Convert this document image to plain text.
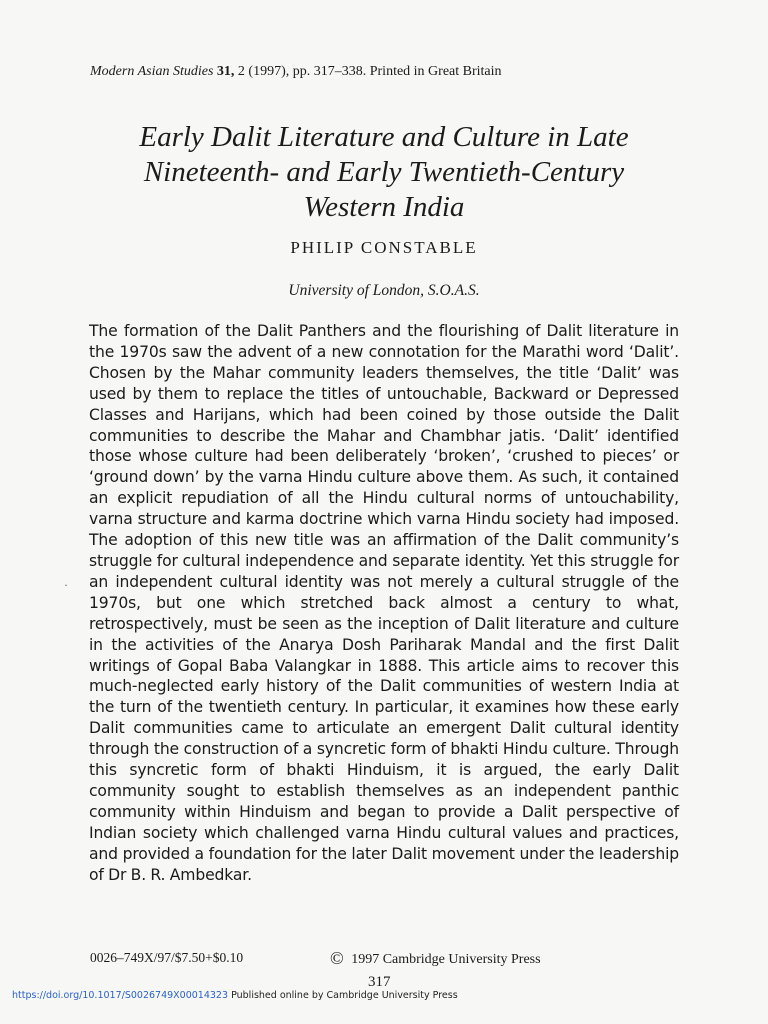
Modern Asian Studies 31, 2 (1997), pp. 317–338. Printed in Great Britain
Early Dalit Literature and Culture in Late
Nineteenth- and Early Twentieth-Century
Western India
PHILIP CONSTABLE
University of London, S.O.A.S.
·

The formation of the Dalit Panthers and the flourishing of Dalit literature in the 1970s saw the advent of a new connotation for the Marathi word ‘Dalit’. Chosen by the Mahar community leaders themselves, the title ‘Dalit’ was used by them to replace the titles of untouchable, Backward or Depressed Classes and Harijans, which had been coined by those outside the Dalit communities to describe the Mahar and Chambhar jatis. ‘Dalit’ identified those whose culture had been deliberately ‘broken’, ‘crushed to pieces’ or ‘ground down’ by the varna Hindu culture above them. As such, it contained an explicit repudiation of all the Hindu cultural norms of untouchability, varna structure and karma doctrine which varna Hindu society had imposed. The adoption of this new title was an affirmation of the Dalit community’s struggle for cultural independence and separate identity. Yet this struggle for an independent cultural identity was not merely a cultural struggle of the 1970s, but one which stretched back almost a century to what, retrospectively, must be seen as the inception of Dalit literature and culture in the activities of the Anarya Dosh Pariharak Mandal and the first Dalit writings of Gopal Baba Valangkar in 1888. This article aims to recover this much-neglected early history of the Dalit communities of western India at the turn of the twentieth century. In particular, it examines how these early Dalit communities came to articulate an emergent Dalit cultural identity through the construction of a syncretic form of bhakti Hindu culture. Through this syncretic form of bhakti Hinduism, it is argued, the early Dalit community sought to establish themselves as an independent panthic community within Hinduism and began to provide a Dalit perspective of Indian society which challenged varna Hindu cultural values and practices, and provided a foundation for the later Dalit movement under the leadership of Dr B. R. Ambedkar.

0026–749X/97/$7.50+$0.10	© 1997 Cambridge University Press
317
https://doi.org/10.1017/S0026749X00014323 Published online by Cambridge University Press
